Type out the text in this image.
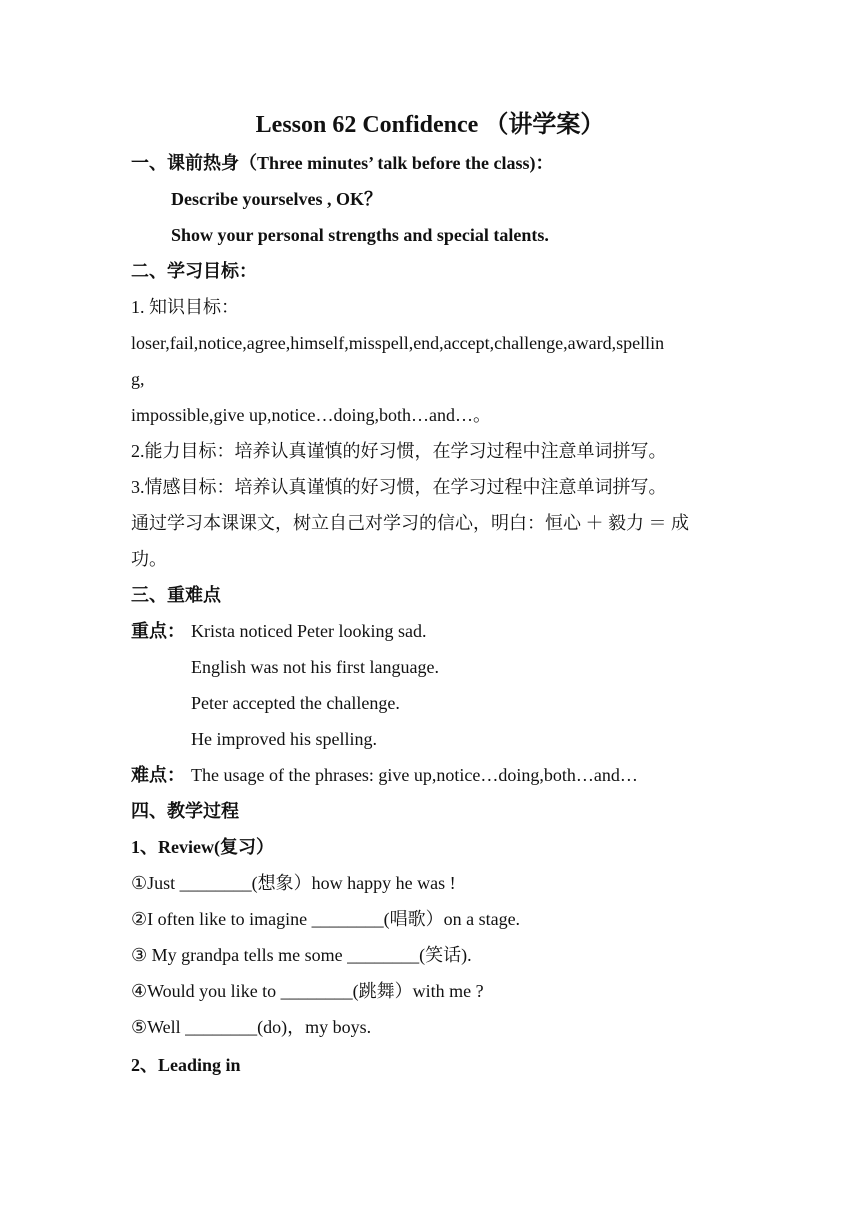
Lesson 62 Confidence （讲学案）
一、课前热身（Three minutes’ talk before the class)：
Describe yourselves , OK？
Show your personal strengths and special talents.
二、学习目标：
1. 知识目标：
loser,fail,notice,agree,himself,misspell,end,accept,challenge,award,spellin
g,
impossible,give up,notice…doing,both…and…。
2.能力目标：培养认真谨慎的好习惯，在学习过程中注意单词拼写。
3.情感目标：培养认真谨慎的好习惯，在学习过程中注意单词拼写。
通过学习本课课文，树立自己对学习的信心，明白：恒心 ＋ 毅力 ＝ 成
功。
三、重难点
重点： Krista noticed Peter looking sad.
English was not his first language.
Peter accepted the challenge.
He improved his spelling.
难点： The usage of the phrases: give up,notice…doing,both…and…
四、教学过程
1、Review(复习）
①Just ________(想象）how happy he was !
②I often like to imagine ________(唱歌）on a stage.
③ My grandpa tells me some ________(笑话).
④Would you like to ________(跳舞）with me ?
⑤Well ________(do)，my boys.
2、Leading in
